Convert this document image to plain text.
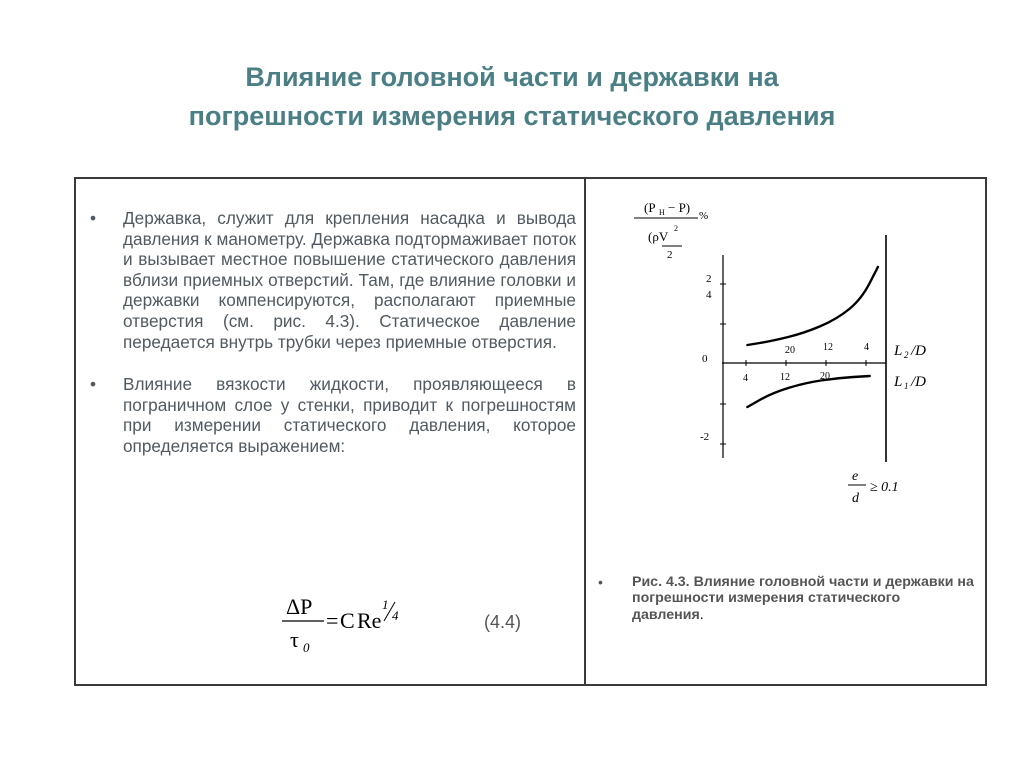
Влияние головной части и державки на
погрешности измерения статического давления
• Державка, служит для крепления насадка и вывода давления к манометру. Державка подтормаживает поток и вызывает местное повышение статического давления вблизи приемных отверстий. Там, где влияние головки и державки компенсируются, располагают приемные отверстия (см. рис. 4.3). Статическое давление передается внутрь трубки через приемные отверстия.
• Влияние вязкости жидкости, проявляющееся в пограничном слое у стенки, приводит к погрешностям при измерении статического давления, которое определяется выражением:
ΔP
τ 0
= C Re
1
4	(4.4)
(P H − P)
%
(ρV
2
2
2
4
0
-2
20	12	4
4	12	20
L 2 /D
L 1 /D
e
d
≥ 0.1
•	Рис. 4.3. Влияние головной части и державки на погрешности измерения статического давления.
